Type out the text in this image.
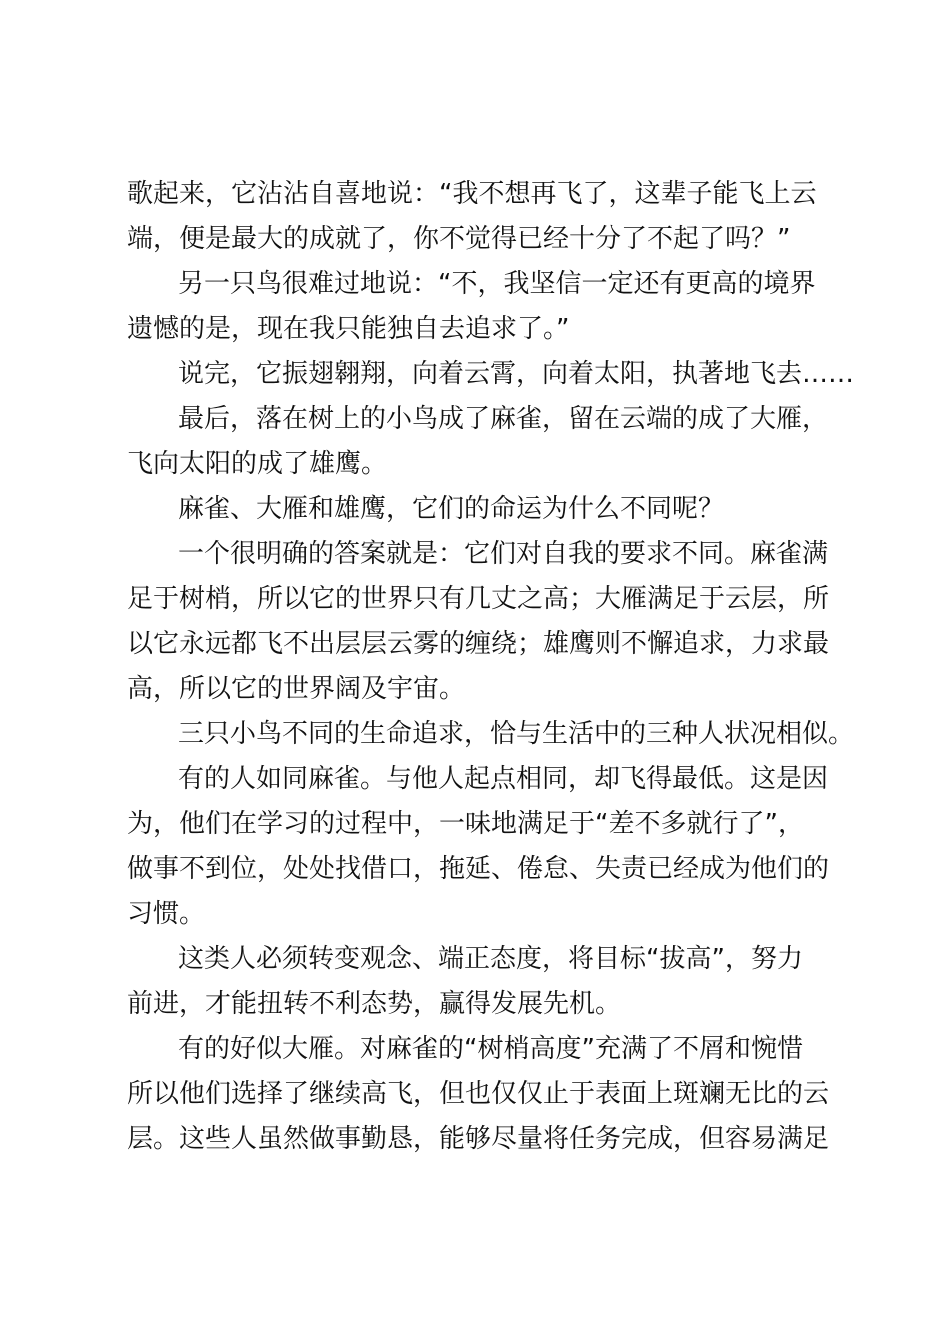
歌起来，它沾沾自喜地说：“我不想再飞了，这辈子能飞上云
端，便是最大的成就了，你不觉得已经十分了不起了吗？”
另一只鸟很难过地说：“不，我坚信一定还有更高的境界
遗憾的是，现在我只能独自去追求了。”
说完，它振翅翱翔，向着云霄，向着太阳，执著地飞去……
最后，落在树上的小鸟成了麻雀，留在云端的成了大雁，
飞向太阳的成了雄鹰。
麻雀、大雁和雄鹰，它们的命运为什么不同呢？
一个很明确的答案就是：它们对自我的要求不同。麻雀满
足于树梢，所以它的世界只有几丈之高；大雁满足于云层，所
以它永远都飞不出层层云雾的缠绕；雄鹰则不懈追求，力求最
高，所以它的世界阔及宇宙。
三只小鸟不同的生命追求，恰与生活中的三种人状况相似。
有的人如同麻雀。与他人起点相同，却飞得最低。这是因
为，他们在学习的过程中，一味地满足于“差不多就行了”，
做事不到位，处处找借口，拖延、倦怠、失责已经成为他们的
习惯。
这类人必须转变观念、端正态度，将目标“拔高”，努力
前进，才能扭转不利态势，赢得发展先机。
有的好似大雁。对麻雀的“树梢高度”充满了不屑和惋惜
所以他们选择了继续高飞，但也仅仅止于表面上斑斓无比的云
层。这些人虽然做事勤恳，能够尽量将任务完成，但容易满足
